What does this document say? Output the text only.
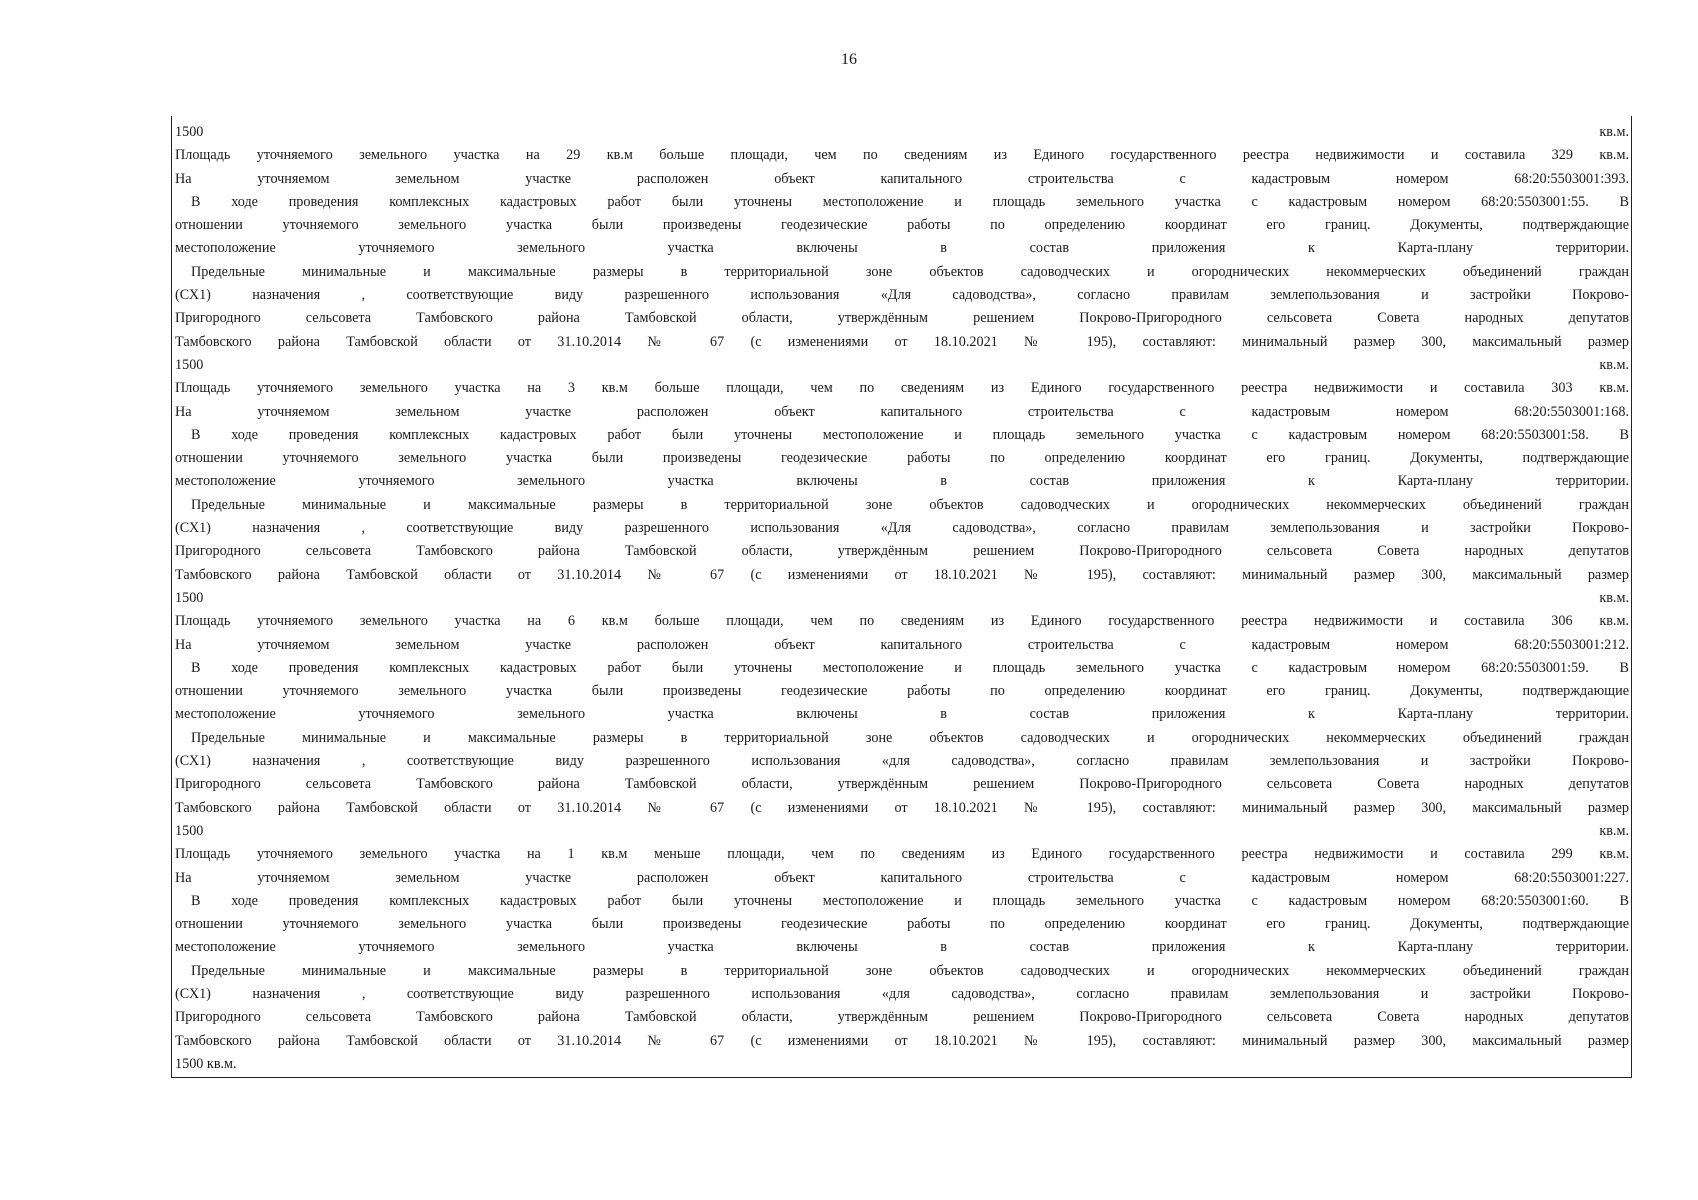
16
1500 кв.м.
Площадь уточняемого земельного участка на 29 кв.м больше площади, чем по сведениям из Единого государственного реестра недвижимости и составила 329 кв.м.
На уточняемом земельном участке расположен объект капитального строительства с кадастровым номером 68:20:5503001:393.
В ходе проведения комплексных кадастровых работ были уточнены местоположение и площадь земельного участка с кадастровым номером 68:20:5503001:55. В
отношении уточняемого земельного участка были произведены геодезические работы по определению координат его границ. Документы, подтверждающие
местоположение уточняемого земельного участка включены в состав приложения к Карта-плану территории.
Предельные минимальные и максимальные размеры в территориальной зоне объектов садоводческих и огороднических некоммерческих объединений граждан
(СХ1) назначения , соответствующие виду разрешенного использования «Для садоводства», согласно правилам землепользования и застройки Покрово-
Пригородного сельсовета Тамбовского района Тамбовской области, утверждённым решением Покрово-Пригородного сельсовета Совета народных депутатов
Тамбовского района Тамбовской области от 31.10.2014 № 67 (с изменениями от 18.10.2021 № 195), составляют: минимальный размер 300, максимальный размер
1500 кв.м.
Площадь уточняемого земельного участка на 3 кв.м больше площади, чем по сведениям из Единого государственного реестра недвижимости и составила 303 кв.м.
На уточняемом земельном участке расположен объект капитального строительства с кадастровым номером 68:20:5503001:168.
В ходе проведения комплексных кадастровых работ были уточнены местоположение и площадь земельного участка с кадастровым номером 68:20:5503001:58. В
отношении уточняемого земельного участка были произведены геодезические работы по определению координат его границ. Документы, подтверждающие
местоположение уточняемого земельного участка включены в состав приложения к Карта-плану территории.
Предельные минимальные и максимальные размеры в территориальной зоне объектов садоводческих и огороднических некоммерческих объединений граждан
(СХ1) назначения , соответствующие виду разрешенного использования «Для садоводства», согласно правилам землепользования и застройки Покрово-
Пригородного сельсовета Тамбовского района Тамбовской области, утверждённым решением Покрово-Пригородного сельсовета Совета народных депутатов
Тамбовского района Тамбовской области от 31.10.2014 № 67 (с изменениями от 18.10.2021 № 195), составляют: минимальный размер 300, максимальный размер
1500 кв.м.
Площадь уточняемого земельного участка на 6 кв.м больше площади, чем по сведениям из Единого государственного реестра недвижимости и составила 306 кв.м.
На уточняемом земельном участке расположен объект капитального строительства с кадастровым номером 68:20:5503001:212.
В ходе проведения комплексных кадастровых работ были уточнены местоположение и площадь земельного участка с кадастровым номером 68:20:5503001:59. В
отношении уточняемого земельного участка были произведены геодезические работы по определению координат его границ. Документы, подтверждающие
местоположение уточняемого земельного участка включены в состав приложения к Карта-плану территории.
Предельные минимальные и максимальные размеры в территориальной зоне объектов садоводческих и огороднических некоммерческих объединений граждан
(СХ1) назначения , соответствующие виду разрешенного использования «для садоводства», согласно правилам землепользования и застройки Покрово-
Пригородного сельсовета Тамбовского района Тамбовской области, утверждённым решением Покрово-Пригородного сельсовета Совета народных депутатов
Тамбовского района Тамбовской области от 31.10.2014 № 67 (с изменениями от 18.10.2021 № 195), составляют: минимальный размер 300, максимальный размер
1500 кв.м.
Площадь уточняемого земельного участка на 1 кв.м меньше площади, чем по сведениям из Единого государственного реестра недвижимости и составила 299 кв.м.
На уточняемом земельном участке расположен объект капитального строительства с кадастровым номером 68:20:5503001:227.
В ходе проведения комплексных кадастровых работ были уточнены местоположение и площадь земельного участка с кадастровым номером 68:20:5503001:60. В
отношении уточняемого земельного участка были произведены геодезические работы по определению координат его границ. Документы, подтверждающие
местоположение уточняемого земельного участка включены в состав приложения к Карта-плану территории.
Предельные минимальные и максимальные размеры в территориальной зоне объектов садоводческих и огороднических некоммерческих объединений граждан
(СХ1) назначения , соответствующие виду разрешенного использования «для садоводства», согласно правилам землепользования и застройки Покрово-
Пригородного сельсовета Тамбовского района Тамбовской области, утверждённым решением Покрово-Пригородного сельсовета Совета народных депутатов
Тамбовского района Тамбовской области от 31.10.2014 № 67 (с изменениями от 18.10.2021 № 195), составляют: минимальный размер 300, максимальный размер
1500 кв.м.
